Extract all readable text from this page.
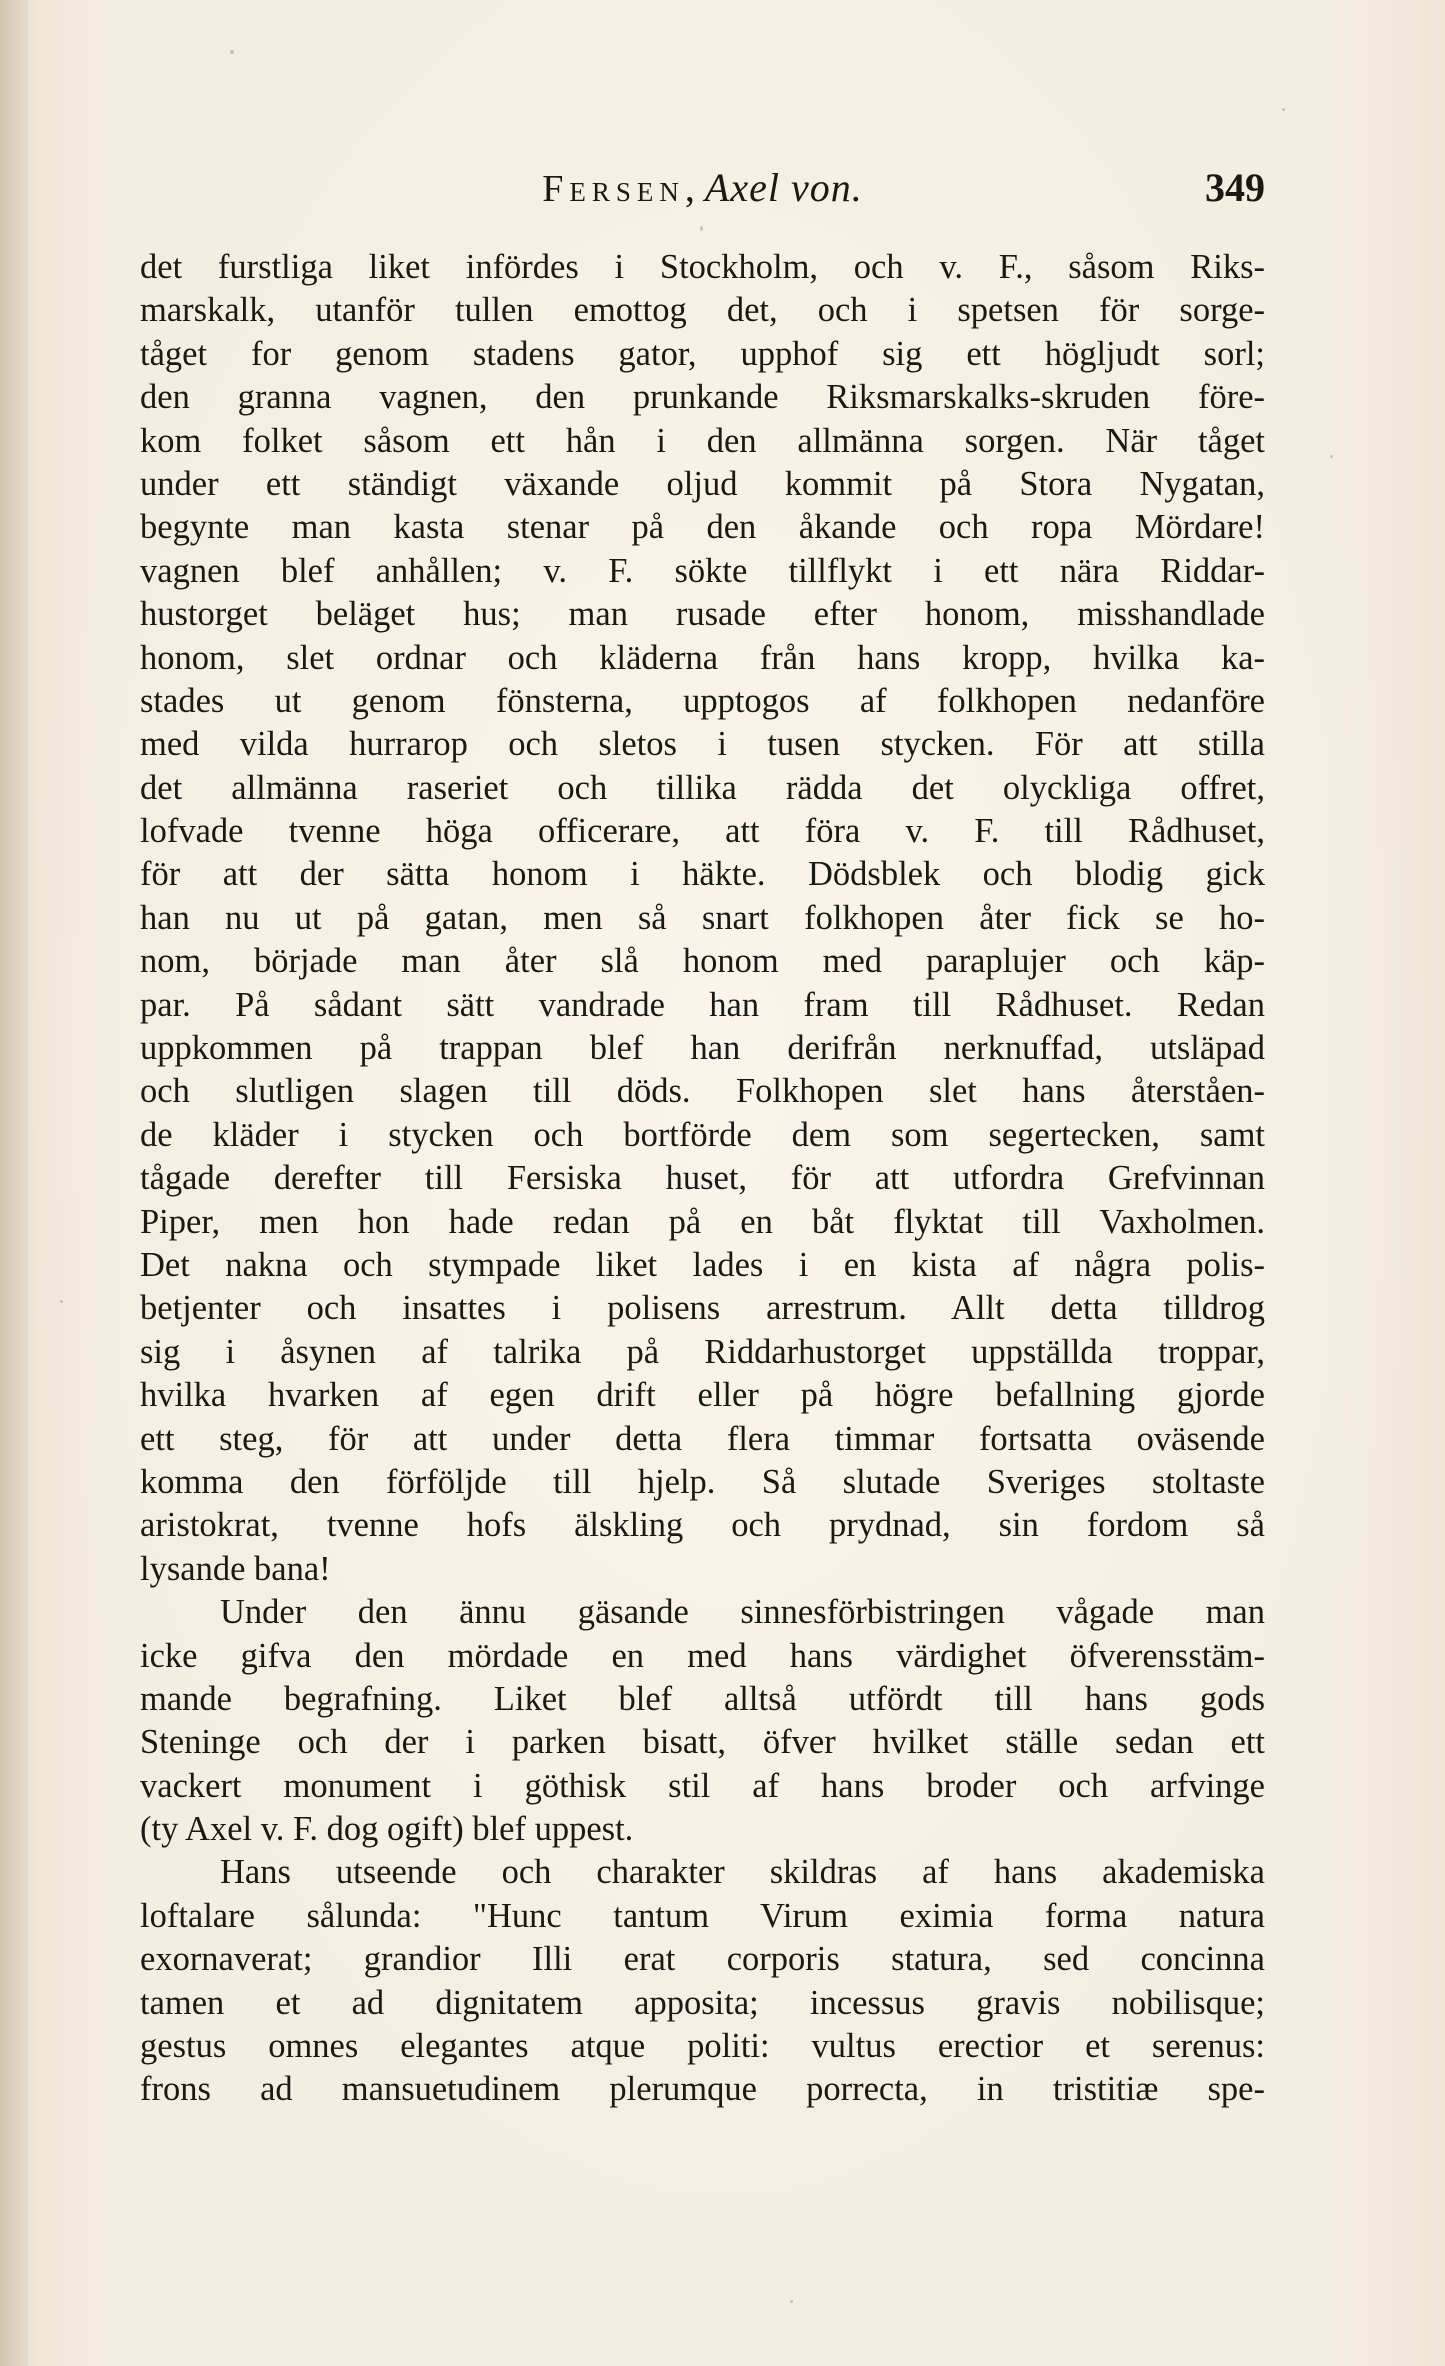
Fersen, Axel von.	349
det furstliga liket infördes i Stockholm, och v. F., såsom Riks-
marskalk, utanför tullen emottog det, och i spetsen för sorge-
tåget for genom stadens gator, upphof sig ett högljudt sorl;
den granna vagnen, den prunkande Riksmarskalks-skruden före-
kom folket såsom ett hån i den allmänna sorgen. När tåget
under ett ständigt växande oljud kommit på Stora Nygatan,
begynte man kasta stenar på den åkande och ropa Mördare!
vagnen blef anhållen; v. F. sökte tillflykt i ett nära Riddar-
hustorget beläget hus; man rusade efter honom, misshandlade
honom, slet ordnar och kläderna från hans kropp, hvilka ka-
stades ut genom fönsterna, upptogos af folkhopen nedanföre
med vilda hurrarop och sletos i tusen stycken. För att stilla
det allmänna raseriet och tillika rädda det olyckliga offret,
lofvade tvenne höga officerare, att föra v. F. till Rådhuset,
för att der sätta honom i häkte. Dödsblek och blodig gick
han nu ut på gatan, men så snart folkhopen åter fick se ho-
nom, började man åter slå honom med paraplujer och käp-
par. På sådant sätt vandrade han fram till Rådhuset. Redan
uppkommen på trappan blef han derifrån nerknuffad, utsläpad
och slutligen slagen till döds. Folkhopen slet hans återståen-
de kläder i stycken och bortförde dem som segertecken, samt
tågade derefter till Fersiska huset, för att utfordra Grefvinnan
Piper, men hon hade redan på en båt flyktat till Vaxholmen.
Det nakna och stympade liket lades i en kista af några polis-
betjenter och insattes i polisens arrestrum. Allt detta tilldrog
sig i åsynen af talrika på Riddarhustorget uppställda troppar,
hvilka hvarken af egen drift eller på högre befallning gjorde
ett steg, för att under detta flera timmar fortsatta oväsende
komma den förföljde till hjelp. Så slutade Sveriges stoltaste
aristokrat, tvenne hofs älskling och prydnad, sin fordom så
lysande bana!
Under den ännu gäsande sinnesförbistringen vågade man
icke gifva den mördade en med hans värdighet öfverensstäm-
mande begrafning. Liket blef alltså utfördt till hans gods
Steninge och der i parken bisatt, öfver hvilket ställe sedan ett
vackert monument i göthisk stil af hans broder och arfvinge
(ty Axel v. F. dog ogift) blef uppest.
Hans utseende och charakter skildras af hans akademiska
loftalare sålunda: "Hunc tantum Virum eximia forma natura
exornaverat; grandior Illi erat corporis statura, sed concinna
tamen et ad dignitatem apposita; incessus gravis nobilisque;
gestus omnes elegantes atque politi: vultus erectior et serenus:
frons ad mansuetudinem plerumque porrecta, in tristitiæ spe-
